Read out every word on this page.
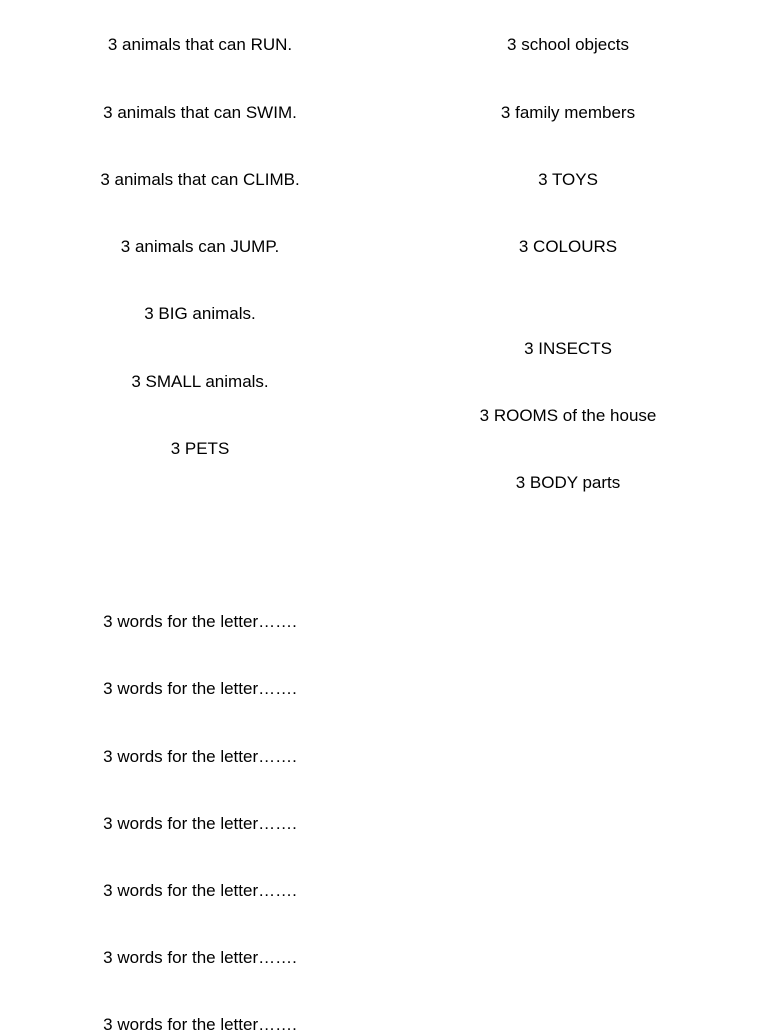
3 animals that can RUN.
3 animals that can SWIM.
3 animals that can CLIMB.
3 animals can JUMP.
3 BIG animals.
3 SMALL animals.
3 PETS
3 school objects
3 family members
3 TOYS
3 COLOURS
3 INSECTS
3 ROOMS of the house
3 BODY parts
3 words for the letter…….
3 words for the letter…….
3 words for the letter…….
3 words for the letter…….
3 words for the letter…….
3 words for the letter…….
3 words for the letter…….
